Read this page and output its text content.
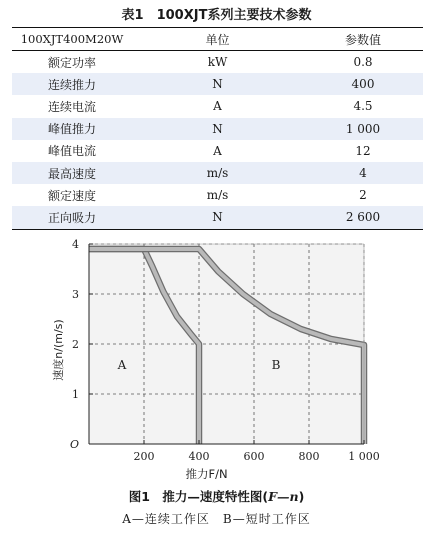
表1　100XJT系列主要技术参数
100XJT400M20W	单位	参数值
额定功率	kW	0.8
连续推力	N	400
连续电流	A	4.5
峰值推力	N	1 000
峰值电流	A	12
最高速度	m/s	4
额定速度	m/s	2
正向吸力	N	2 600
200	400	600	800	1 000
1
2
3
4
O
推力F/N
速度n/(m/s)	A	B
图1　推力—速度特性图(F—n)
A—连续工作区　B—短时工作区
